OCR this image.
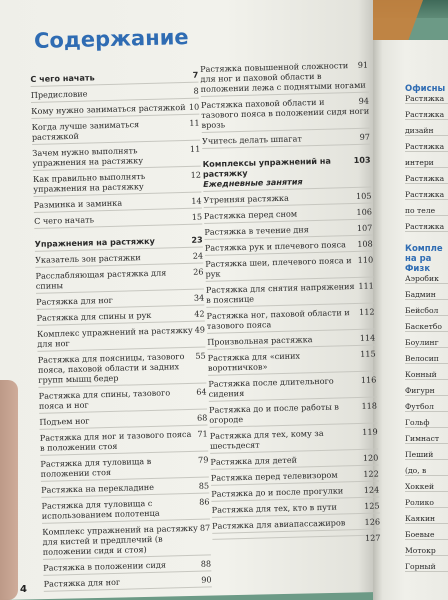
Содержание
7
С чего начать
8
Предисловие
10
Кому нужно заниматься растяжкой
11
Когда лучше заниматься растяжкой
11
Зачем нужно выполнять упражнения на растяжку
12
Как правильно выполнять упражнения на растяжку
14
Разминка и заминка
15
С чего начать
23
Упражнения на растяжку
24
Указатель зон растяжки
26
Расслабляющая растяжка для спины
34
Растяжка для ног
42
Растяжка для спины и рук
49
Комплекс упражнений на растяжку для ног
55
Растяжка для поясницы, тазового пояса, паховой области и задних групп мышц бедер
64
Растяжка для спины, тазового пояса и ног
68
Подъем ног
71
Растяжка для ног и тазового пояса в положении стоя
79
Растяжка для туловища в положении стоя
85
Растяжка на перекладине
86
Растяжка для туловища с использованием полотенца
87
Комплекс упражнений на растяжку для кистей и предплечий (в положении сидя и стоя)
88
Растяжка в положении сидя
90
Растяжка для ног
91
Растяжка повышенной сложности для ног и паховой области в положении лежа с поднятыми ногами
94
Растяжка паховой области и тазового пояса в положении сидя ноги врозь
97
Учитесь делать шпагат
103
Комплексы упражнений на растяжку
Ежедневные занятия
105
Утренняя растяжка
106
Растяжка перед сном
107
Растяжка в течение дня
108
Растяжка рук и плечевого пояса
110
Растяжка шеи, плечевого пояса и рук
111
Растяжка для снятия напряжения в пояснице
112
Растяжка ног, паховой области и тазового пояса
114
Произвольная растяжка
115
Растяжка для «синих воротничков»
116
Растяжка после длительного сидения
118
Растяжка до и после работы в огороде
119
Растяжка для тех, кому за шестьдесят
120
Растяжка для детей
122
Растяжка перед телевизором
124
Растяжка до и после прогулки
125
Растяжка для тех, кто в пути
126
Растяжка для авиапассажиров
127
Офисны
Растяжка
Растяжка
дизайн
Растяжка
интери
Растяжка
Растяжка
по теле
Растяжка
Компле
на ра
Физк
Аэробик
Бадмин
Бейсбол
Баскетбо
Боулинг
Велосип
Конный
Фигурн
Футбол
Гольф
Гимнаст
Пеший
(до, в
Хоккей
Ролико
Каякин
Боевые
Мотокр
Горный
4
